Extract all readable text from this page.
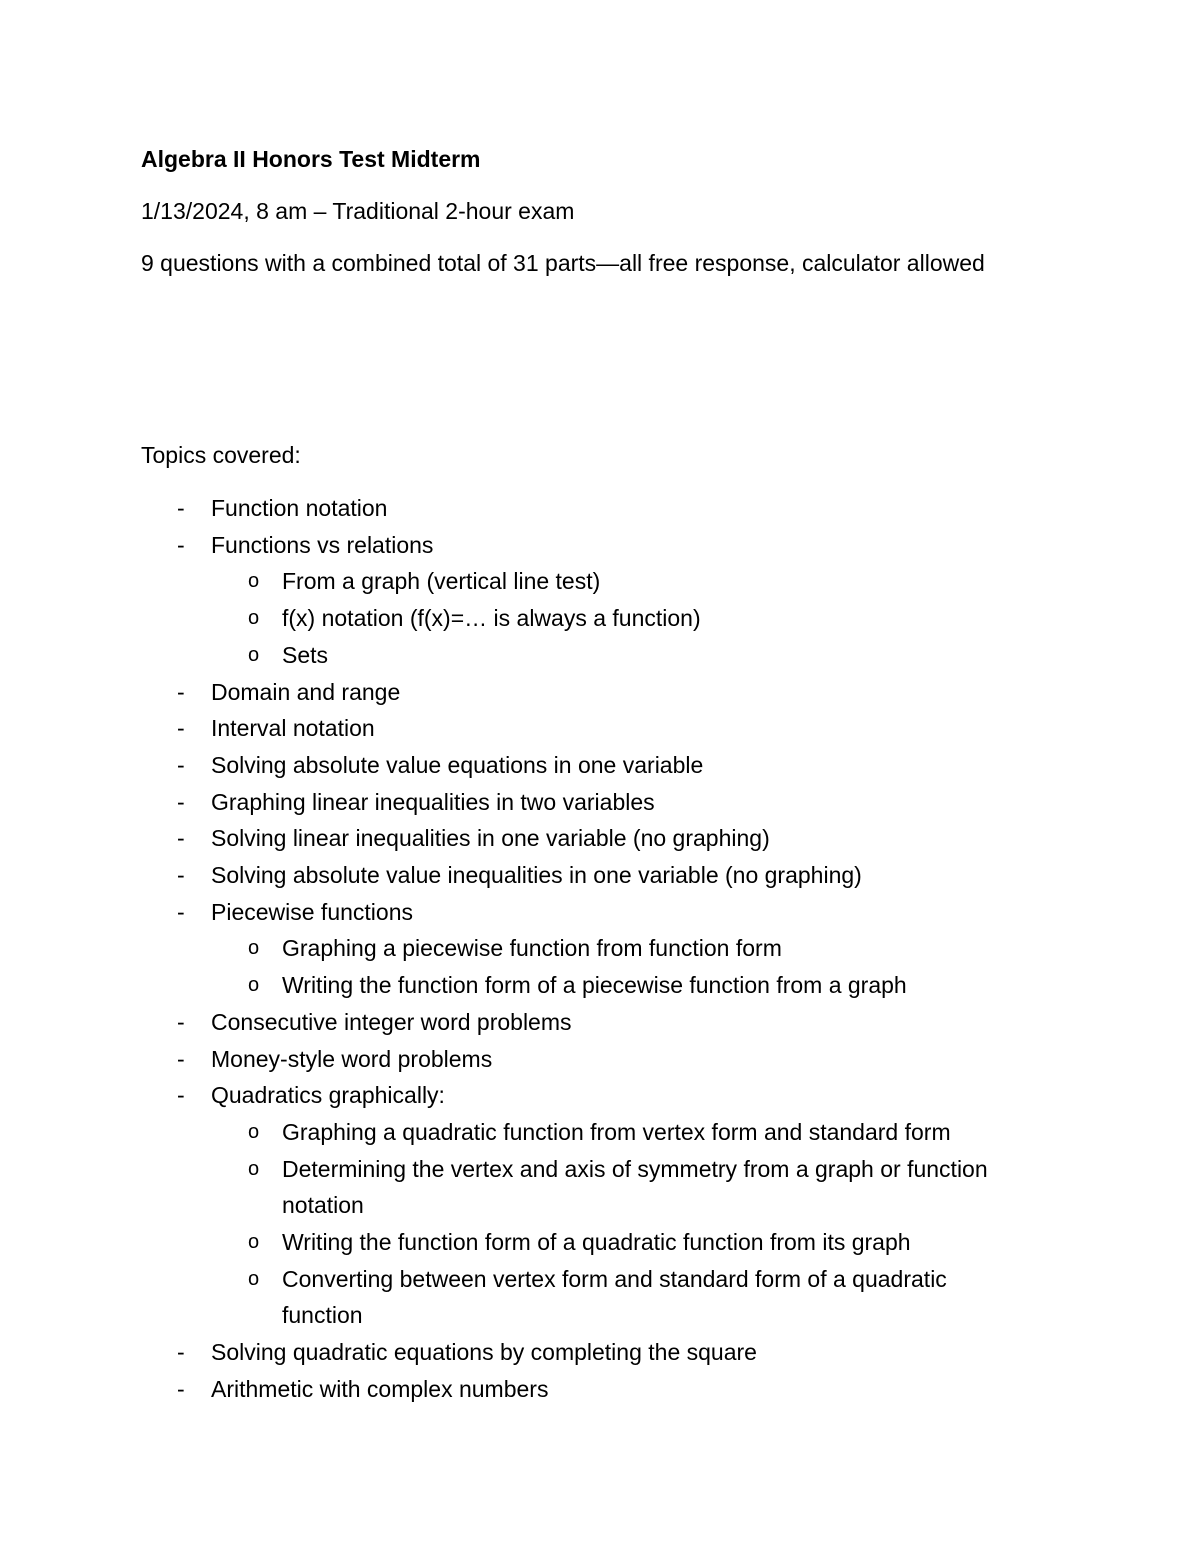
Algebra II Honors Test Midterm
1/13/2024, 8 am – Traditional 2-hour exam
9 questions with a combined total of 31 parts—all free response, calculator allowed
Topics covered:
- Function notation
- Functions vs relations
o From a graph (vertical line test)
o f(x) notation (f(x)=… is always a function)
o Sets
- Domain and range
- Interval notation
- Solving absolute value equations in one variable
- Graphing linear inequalities in two variables
- Solving linear inequalities in one variable (no graphing)
- Solving absolute value inequalities in one variable (no graphing)
- Piecewise functions
o Graphing a piecewise function from function form
o Writing the function form of a piecewise function from a graph
- Consecutive integer word problems
- Money-style word problems
- Quadratics graphically:
o Graphing a quadratic function from vertex form and standard form
o Determining the vertex and axis of symmetry from a graph or function notation
o Writing the function form of a quadratic function from its graph
o Converting between vertex form and standard form of a quadratic function
- Solving quadratic equations by completing the square
- Arithmetic with complex numbers
